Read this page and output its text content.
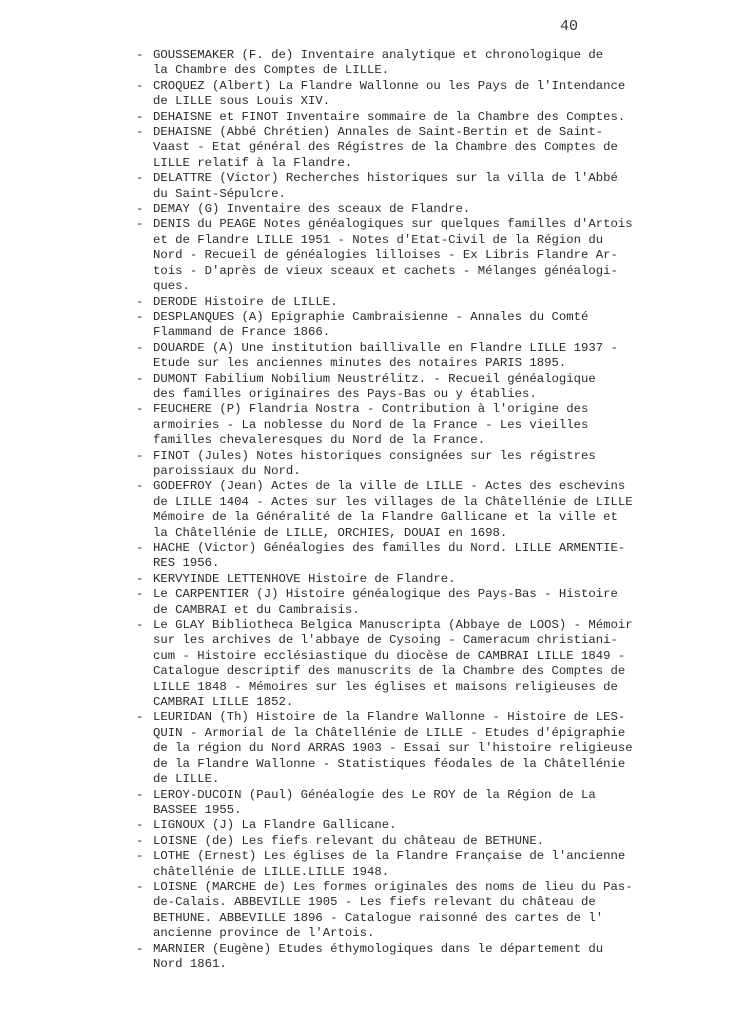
40
- GOUSSEMAKER (F. de) Inventaire analytique et chronologique de
la Chambre des Comptes de LILLE.
- CROQUEZ (Albert) La Flandre Wallonne ou les Pays de l'Intendance
de LILLE sous Louis XIV.
- DEHAISNE et FINOT Inventaire sommaire de la Chambre des Comptes.
- DEHAISNE (Abbé Chrétien) Annales de Saint-Bertin et de Saint-
Vaast - Etat général des Régistres de la Chambre des Comptes de
LILLE relatif à la Flandre.
- DELATTRE (Victor) Recherches historiques sur la villa de l'Abbé
du Saint-Sépulcre.
- DEMAY (G) Inventaire des sceaux de Flandre.
- DENIS du PEAGE Notes généalogiques sur quelques familles d'Artois
et de Flandre LILLE 1951 - Notes d'Etat-Civil de la Région du
Nord - Recueil de généalogies lilloises - Ex Libris Flandre Ar-
tois - D'après de vieux sceaux et cachets - Mélanges généalogi-
ques.
- DERODE Histoire de LILLE.
- DESPLANQUES (A) Epigraphie Cambraisienne - Annales du Comté
Flammand de France 1866.
- DOUARDE (A) Une institution baillivalle en Flandre LILLE 1937 -
Etude sur les anciennes minutes des notaires PARIS 1895.
- DUMONT Fabilium Nobilium Neustrélitz. - Recueil généalogique
des familles originaires des Pays-Bas ou y établies.
- FEUCHERE (P) Flandria Nostra - Contribution à l'origine des
armoiries - La noblesse du Nord de la France - Les vieilles
familles chevaleresques du Nord de la France.
- FINOT (Jules) Notes historiques consignées sur les régistres
paroissiaux du Nord.
- GODEFROY (Jean) Actes de la ville de LILLE - Actes des eschevins
de LILLE 1404 - Actes sur les villages de la Châtellénie de LILLE
Mémoire de la Généralité de la Flandre Gallicane et la ville et
la Châtellénie de LILLE, ORCHIES, DOUAI en 1698.
- HACHE (Victor) Généalogies des familles du Nord. LILLE ARMENTIE-
RES 1956.
- KERVYINDE LETTENHOVE Histoire de Flandre.
- Le CARPENTIER (J) Histoire généalogique des Pays-Bas - Histoire
de CAMBRAI et du Cambraisis.
- Le GLAY Bibliotheca Belgica Manuscripta (Abbaye de LOOS) - Mémoir
sur les archives de l'abbaye de Cysoing - Cameracum christiani-
cum - Histoire ecclésiastique du diocèse de CAMBRAI LILLE 1849 -
Catalogue descriptif des manuscrits de la Chambre des Comptes de
LILLE 1848 - Mémoires sur les églises et maisons religieuses de
CAMBRAI LILLE 1852.
- LEURIDAN (Th) Histoire de la Flandre Wallonne - Histoire de LES-
QUIN - Armorial de la Châtellénie de LILLE - Etudes d'épigraphie
de la région du Nord ARRAS 1903 - Essai sur l'histoire religieuse
de la Flandre Wallonne - Statistiques féodales de la Châtellénie
de LILLE.
- LEROY-DUCOIN (Paul) Généalogie des Le ROY de la Région de La
BASSEE 1955.
- LIGNOUX (J) La Flandre Gallicane.
- LOISNE (de) Les fiefs relevant du château de BETHUNE.
- LOTHE (Ernest) Les églises de la Flandre Française de l'ancienne
châtellénie de LILLE.LILLE 1948.
- LOISNE (MARCHE de) Les formes originales des noms de lieu du Pas-
de-Calais. ABBEVILLE 1905 - Les fiefs relevant du château de
BETHUNE. ABBEVILLE 1896 - Catalogue raisonné des cartes de l'
ancienne province de l'Artois.
- MARNIER (Eugène) Etudes éthymologiques dans le département du
Nord 1861.
